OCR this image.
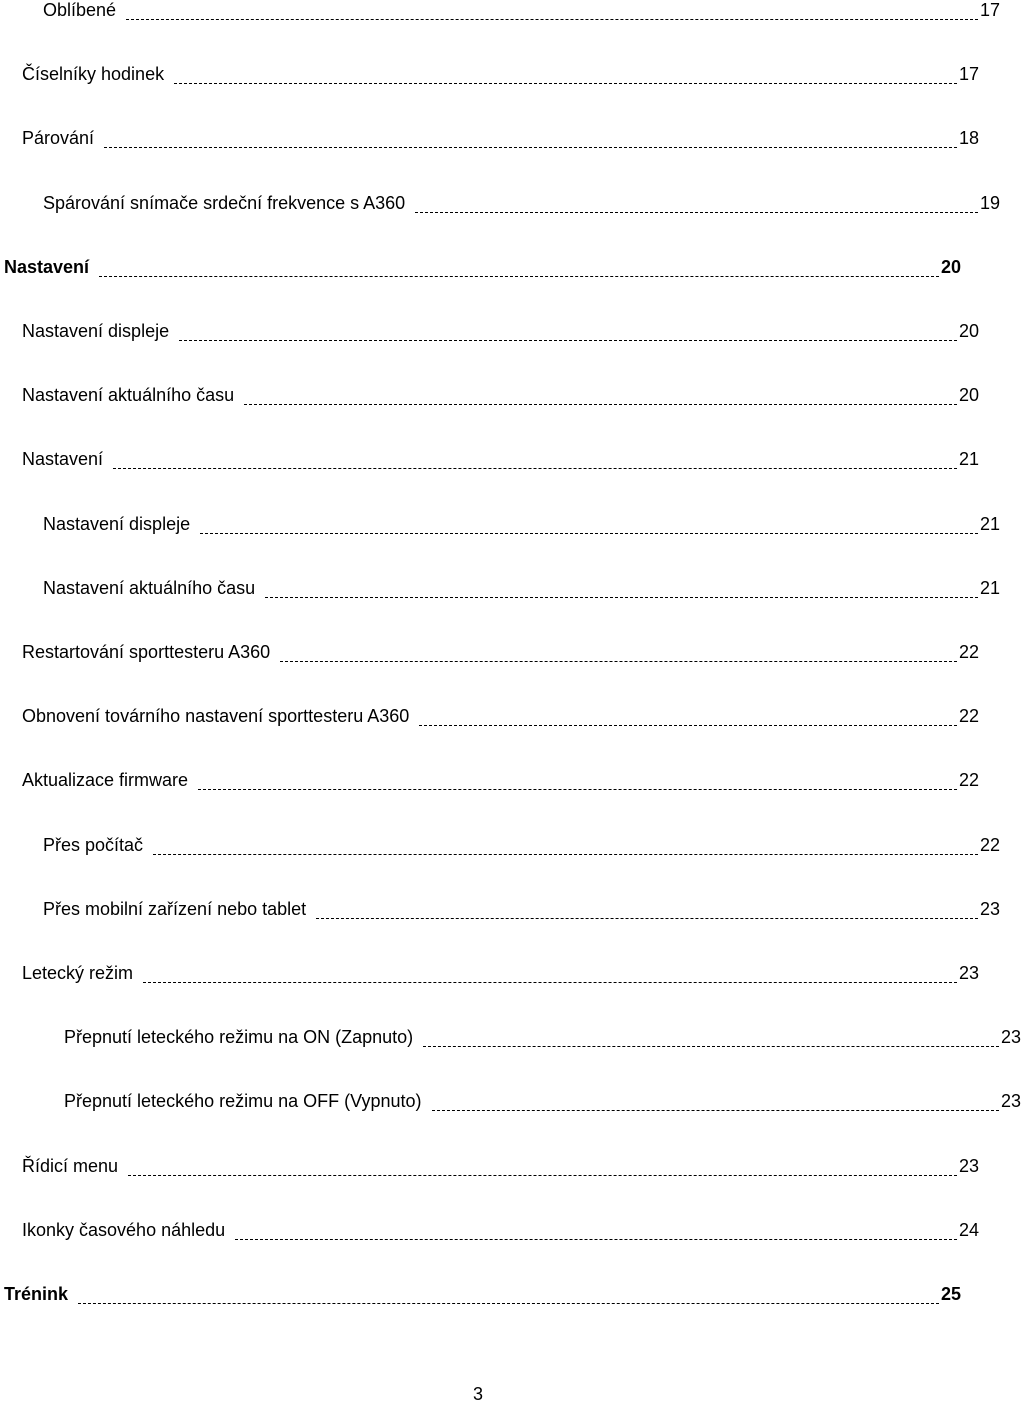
Oblíbené	17
Číselníky hodinek	17
Párování	18
Spárování snímače srdeční frekvence s A360	19
Nastavení	20
Nastavení displeje	20
Nastavení aktuálního času	20
Nastavení	21
Nastavení displeje	21
Nastavení aktuálního času	21
Restartování sporttesteru A360	22
Obnovení továrního nastavení sporttesteru A360	22
Aktualizace firmware	22
Přes počítač	22
Přes mobilní zařízení nebo tablet	23
Letecký režim	23
Přepnutí leteckého režimu na ON (Zapnuto)	23
Přepnutí leteckého režimu na OFF (Vypnuto)	23
Řídicí menu	23
Ikonky časového náhledu	24
Trénink	25
3
